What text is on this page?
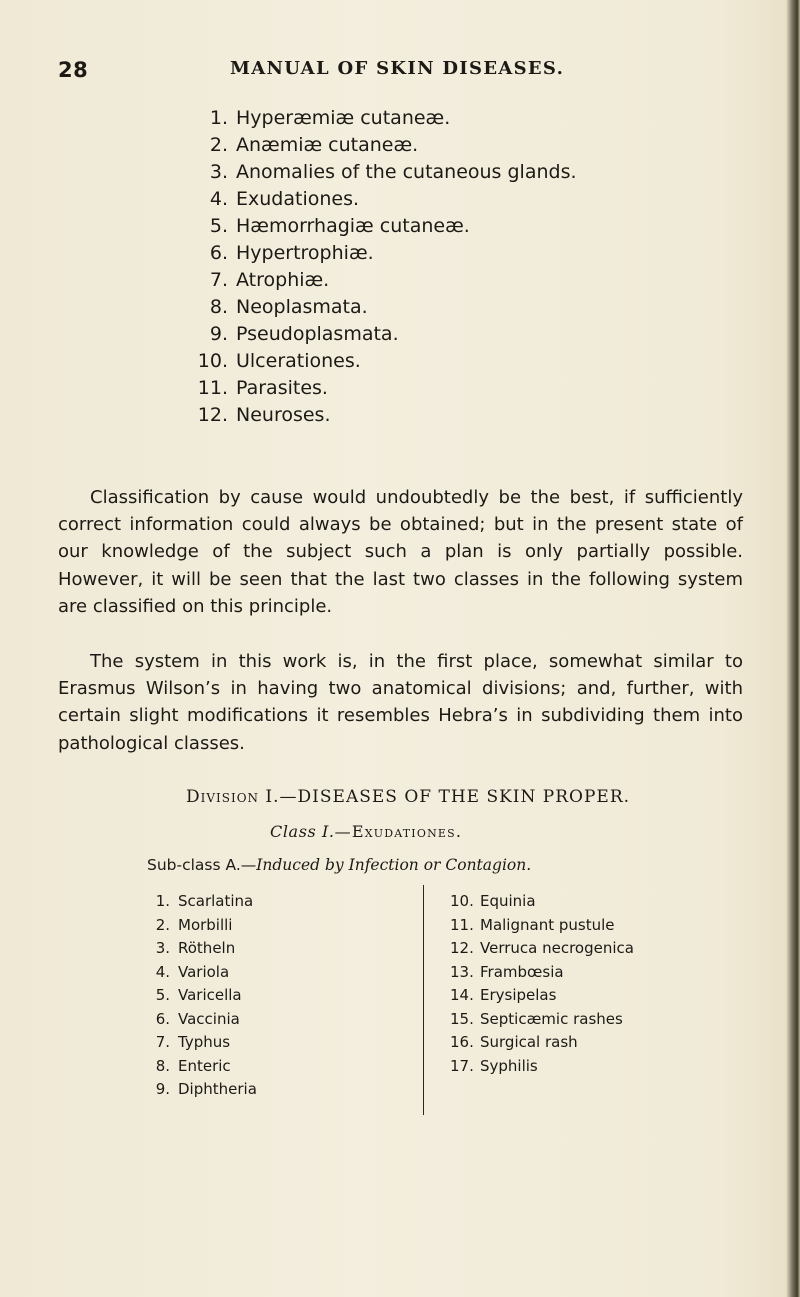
28	MANUAL OF SKIN DISEASES.
1. Hyperæmiæ cutaneæ.
2. Anæmiæ cutaneæ.
3. Anomalies of the cutaneous glands.
4. Exudationes.
5. Hæmorrhagiæ cutaneæ.
6. Hypertrophiæ.
7. Atrophiæ.
8. Neoplasmata.
9. Pseudoplasmata.
10. Ulcerationes.
11. Parasites.
12. Neuroses.

Classification by cause would undoubtedly be the best, if sufficiently correct information could always be obtained; but in the present state of our knowledge of the subject such a plan is only partially possible. However, it will be seen that the last two classes in the following system are classified on this principle.

The system in this work is, in the first place, somewhat similar to Erasmus Wilson’s in having two anatomical divisions; and, further, with certain slight modifications it resembles Hebra’s in subdividing them into pathological classes.

Division I.—DISEASES OF THE SKIN PROPER.
Class I.—Exudationes.
Sub-class A.—Induced by Infection or Contagion.
1. Scarlatina
2. Morbilli
3. Rötheln
4. Variola
5. Varicella
6. Vaccinia
7. Typhus
8. Enteric
9. Diphtheria
10. Equinia
11. Malignant pustule
12. Verruca necrogenica
13. Frambœsia
14. Erysipelas
15. Septicæmic rashes
16. Surgical rash
17. Syphilis
